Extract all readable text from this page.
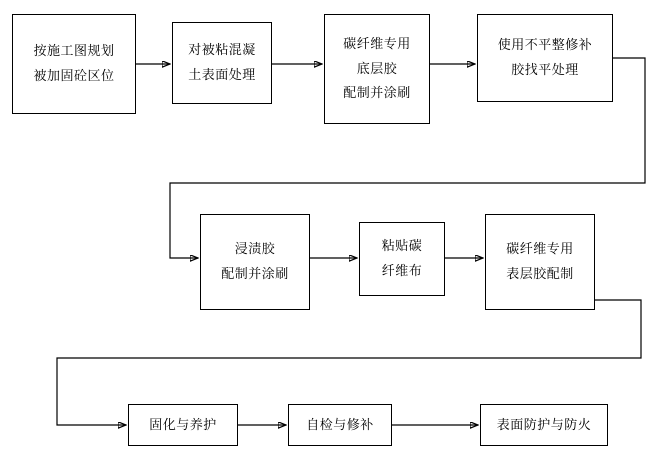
按施工图规划
被加固砼区位
对被粘混凝
土表面处理
碳纤维专用
底层胶
配制并涂刷
使用不平整修补
胶找平处理
浸渍胶
配制并涂刷
粘贴碳
纤维布
碳纤维专用
表层胶配制
固化与养护	自检与修补	表面防护与防火
